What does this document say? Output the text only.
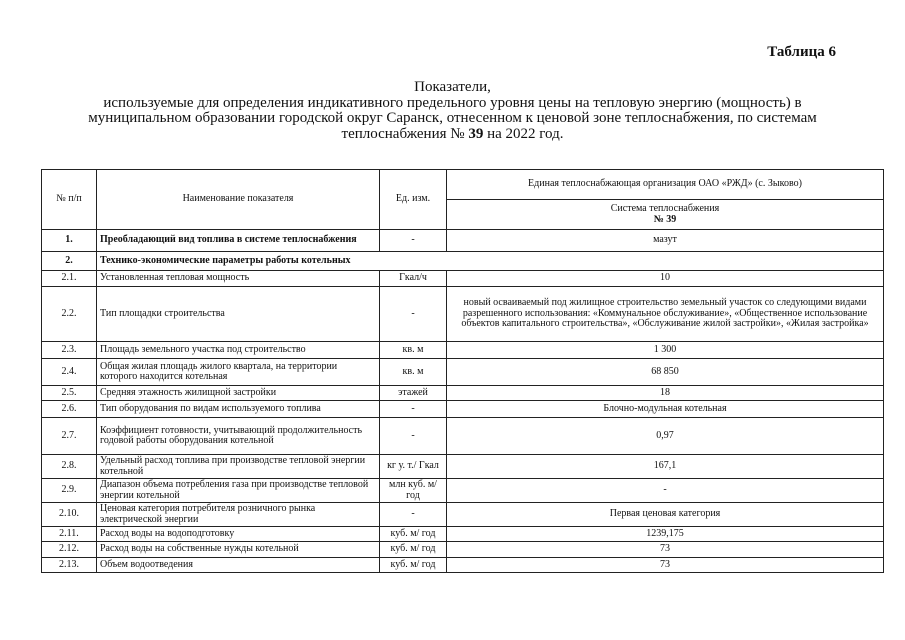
Таблица 6
Показатели,
используемые для определения индикативного предельного уровня цены на тепловую энергию (мощность) в
муниципальном образовании городской округ Саранск, отнесенном к ценовой зоне теплоснабжения, по системам
теплоснабжения № 39 на 2022 год.
№ п/п	Наименование показателя	Ед. изм.	Единая теплоснабжающая организация ОАО «РЖД» (с. Зыково)

			Система теплоснабжения
№ 39

1.	Преобладающий вид топлива в системе теплоснабжения	-	мазут
2.	Технико-экономические параметры работы котельных		
2.1.	Установленная тепловая мощность	Гкал/ч	10
2.2.	Тип площадки строительства	-	новый осваиваемый под жилищное строительство земельный участок со следующими видами разрешенного использования: «Коммунальное обслуживание», «Общественное использование объектов капитального строительства», «Обслуживание жилой застройки», «Жилая застройка»
2.3.	Площадь земельного участка под строительство	кв. м	1 300
2.4.	Общая жилая площадь жилого квартала, на территории которого находится котельная	кв. м	68 850
2.5.	Средняя этажность жилищной застройки	этажей	18
2.6.	Тип оборудования по видам используемого топлива	-	Блочно-модульная котельная
2.7.	Коэффициент готовности, учитывающий продолжительность годовой работы оборудования котельной	-	0,97
2.8.	Удельный расход топлива при производстве тепловой энергии котельной	кг у. т./ Гкал	167,1
2.9.	Диапазон объема потребления газа при производстве тепловой энергии котельной	млн куб. м/год	-
2.10.	Ценовая категория потребителя розничного рынка электрической энергии	-	Первая ценовая категория
2.11.	Расход воды на водоподготовку	куб. м/ год	1239,175
2.12.	Расход воды на собственные нужды котельной	куб. м/ год	73
2.13.	Объем водоотведения	куб. м/ год	73
